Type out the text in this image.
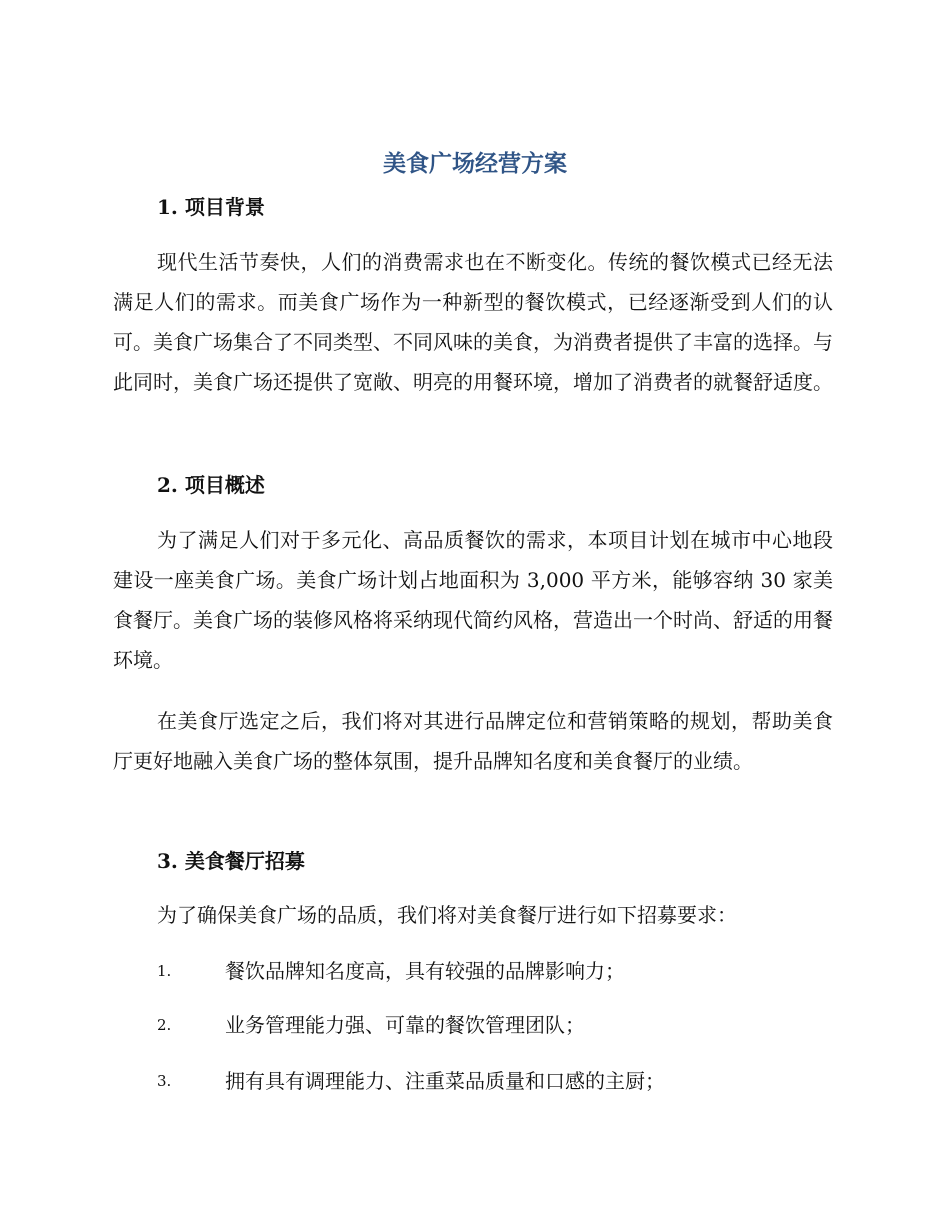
美食广场经营方案
1. 项目背景
现代生活节奏快，人们的消费需求也在不断变化。传统的餐饮模式已经无法满足人们的需求。而美食广场作为一种新型的餐饮模式，已经逐渐受到人们的认可。美食广场集合了不同类型、不同风味的美食，为消费者提供了丰富的选择。与此同时，美食广场还提供了宽敞、明亮的用餐环境，增加了消费者的就餐舒适度。
2. 项目概述
为了满足人们对于多元化、高品质餐饮的需求，本项目计划在城市中心地段建设一座美食广场。美食广场计划占地面积为 3,000 平方米，能够容纳 30 家美食餐厅。美食广场的装修风格将采纳现代简约风格，营造出一个时尚、舒适的用餐环境。
在美食厅选定之后，我们将对其进行品牌定位和营销策略的规划，帮助美食厅更好地融入美食广场的整体氛围，提升品牌知名度和美食餐厅的业绩。
3. 美食餐厅招募
为了确保美食广场的品质，我们将对美食餐厅进行如下招募要求：
1.	餐饮品牌知名度高，具有较强的品牌影响力；
2.	业务管理能力强、可靠的餐饮管理团队；
3.	拥有具有调理能力、注重菜品质量和口感的主厨；
